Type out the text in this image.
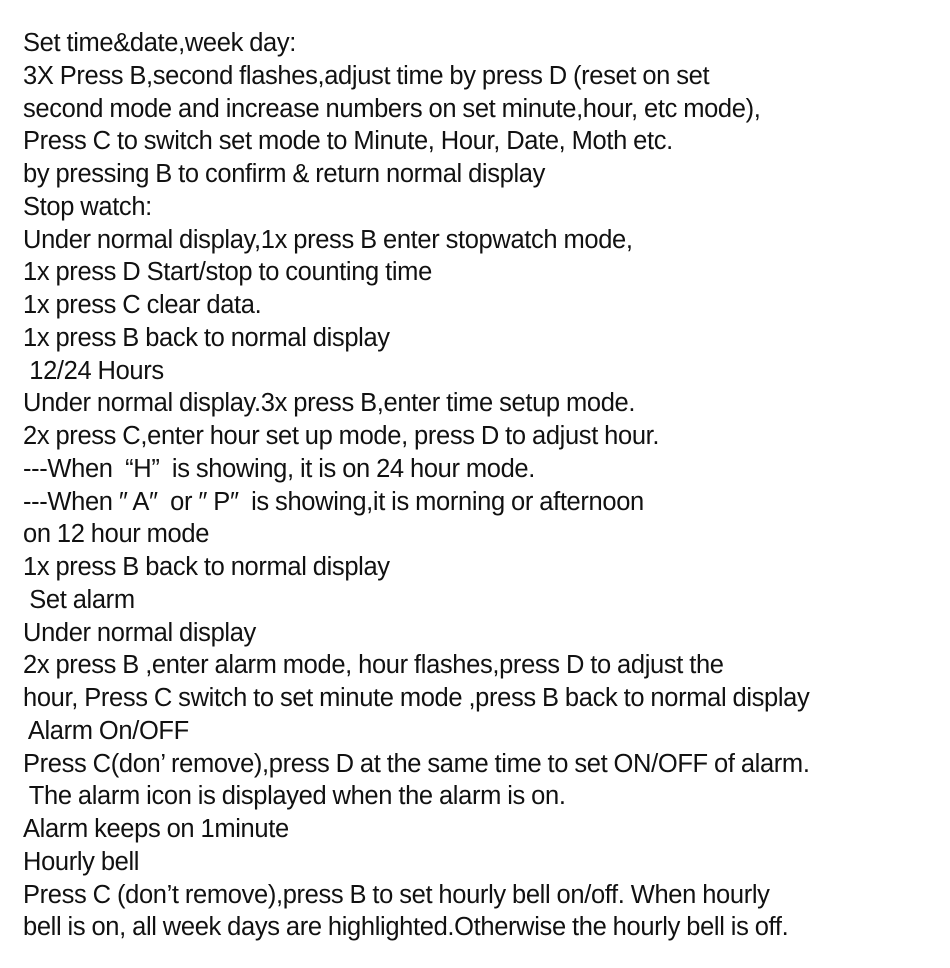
Set time&date,week day:
3X Press B,second flashes,adjust time by press D (reset on set
second mode and increase numbers on set minute,hour, etc mode),
Press C to switch set mode to Minute, Hour, Date, Moth etc.
by pressing B to confirm & return normal display
Stop watch:
Under normal display,1x press B enter stopwatch mode,
1x press D Start/stop to counting time
1x press C clear data.
1x press B back to normal display
12/24 Hours
Under normal display.3x press B,enter time setup mode.
2x press C,enter hour set up mode, press D to adjust hour.
---When  “H”  is showing, it is on 24 hour mode.
---When ″ A″  or ″ P″  is showing,it is morning or afternoon
on 12 hour mode
1x press B back to normal display
Set alarm
Under normal display
2x press B ,enter alarm mode, hour flashes,press D to adjust the
hour, Press C switch to set minute mode ,press B back to normal display
Alarm On/OFF
Press C(don’ remove),press D at the same time to set ON/OFF of alarm.
The alarm icon is displayed when the alarm is on.
Alarm keeps on 1minute
Hourly bell
Press C (don’t remove),press B to set hourly bell on/off. When hourly
bell is on, all week days are highlighted.Otherwise the hourly bell is off.
